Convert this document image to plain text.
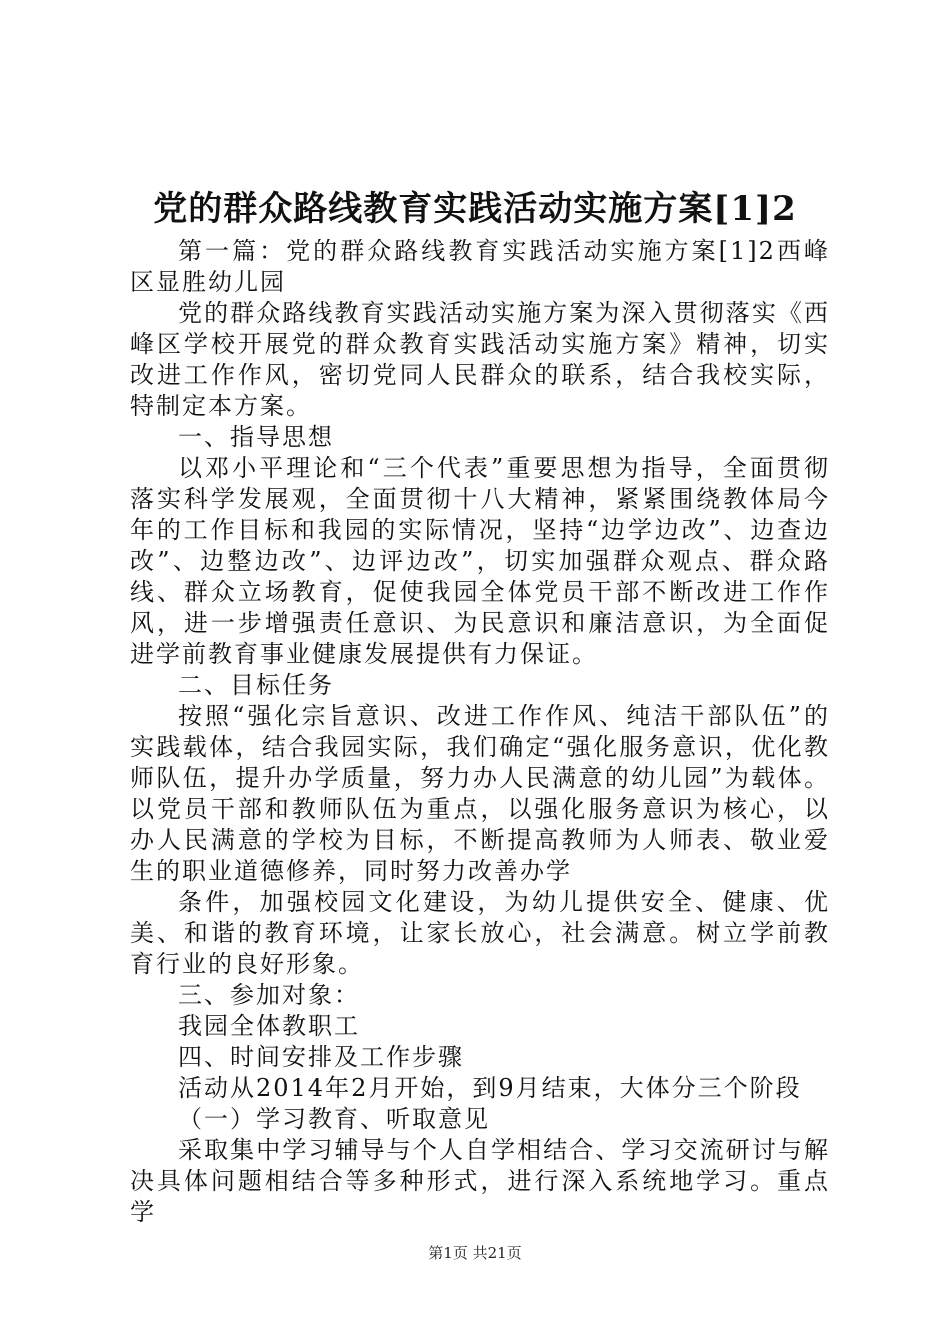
党的群众路线教育实践活动实施方案[1]2

第一篇：党的群众路线教育实践活动实施方案[1]2西峰区显胜幼儿园

党的群众路线教育实践活动实施方案为深入贯彻落实《西峰区学校开展党的群众教育实践活动实施方案》精神，切实改进工作作风，密切党同人民群众的联系，结合我校实际，特制定本方案。

一、指导思想

以邓小平理论和“三个代表”重要思想为指导，全面贯彻落实科学发展观，全面贯彻十八大精神，紧紧围绕教体局今年的工作目标和我园的实际情况，坚持“边学边改”、边查边改”、边整边改”、边评边改”，切实加强群众观点、群众路线、群众立场教育，促使我园全体党员干部不断改进工作作风，进一步增强责任意识、为民意识和廉洁意识，为全面促进学前教育事业健康发展提供有力保证。

二、目标任务

按照“强化宗旨意识、改进工作作风、纯洁干部队伍”的实践载体，结合我园实际，我们确定“强化服务意识，优化教师队伍，提升办学质量，努力办人民满意的幼儿园”为载体。以党员干部和教师队伍为重点，以强化服务意识为核心，以办人民满意的学校为目标，不断提高教师为人师表、敬业爱生的职业道德修养，同时努力改善办学

条件，加强校园文化建设，为幼儿提供安全、健康、优美、和谐的教育环境，让家长放心，社会满意。树立学前教育行业的良好形象。

三、参加对象：

我园全体教职工

四、时间安排及工作步骤

活动从2014年2月开始，到9月结束，大体分三个阶段

（一）学习教育、听取意见

采取集中学习辅导与个人自学相结合、学习交流研讨与解决具体问题相结合等多种形式，进行深入系统地学习。重点学

第1页 共21页
